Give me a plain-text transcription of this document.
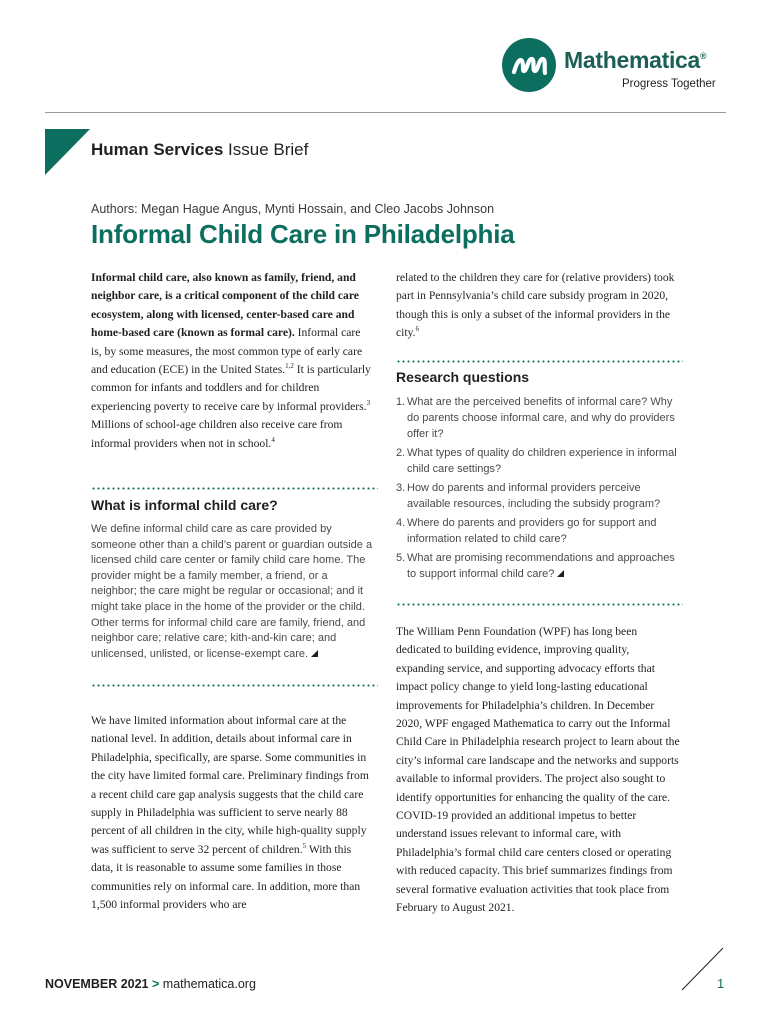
Mathematica®
Progress Together
Human Services Issue Brief
Authors: Megan Hague Angus, Mynti Hossain, and Cleo Jacobs Johnson
Informal Child Care in Philadelphia
Informal child care, also known as family, friend, and neighbor care, is a critical component of the child care ecosystem, along with licensed, center-based care and home-based care (known as formal care). Informal care is, by some measures, the most common type of early care and education (ECE) in the United States.$^{1,2}$ It is particularly common for infants and toddlers and for children experiencing poverty to receive care by informal providers.$^3$ Millions of school-age children also receive care from informal providers when not in school.$^4$
What is informal child care?
We define informal child care as care provided by someone other than a child’s parent or guardian outside a licensed child care center or family child care home. The provider might be a family member, a friend, or a neighbor; the care might be regular or occasional; and it might take place in the home of the provider or the child. Other terms for informal child care are family, friend, and neighbor care; relative care; kith-and-kin care; and unlicensed, unlisted, or license-exempt care.
We have limited information about informal care at the national level. In addition, details about informal care in Philadelphia, specifically, are sparse. Some communities in the city have limited formal care. Preliminary findings from a recent child care gap analysis suggests that the child care supply in Philadelphia was sufficient to serve nearly 88 percent of all children in the city, while high-quality supply was sufficient to serve 32 percent of children.$^5$ With this data, it is reasonable to assume some families in those communities rely on informal care. In addition, more than 1,500 informal providers who are
related to the children they care for (relative providers) took part in Pennsylvania’s child care subsidy program in 2020, though this is only a subset of the informal providers in the city.$^6$
Research questions
1. What are the perceived benefits of informal care? Why do parents choose informal care, and why do providers offer it?
2. What types of quality do children experience in informal child care settings?
3. How do parents and informal providers perceive available resources, including the subsidy program?
4. Where do parents and providers go for support and information related to child care?
5. What are promising recommendations and approaches to support informal child care?
The William Penn Foundation (WPF) has long been dedicated to building evidence, improving quality, expanding service, and supporting advocacy efforts that impact policy change to yield long-lasting educational improvements for Philadelphia’s children. In December 2020, WPF engaged Mathematica to carry out the Informal Child Care in Philadelphia research project to learn about the city’s informal care landscape and the networks and supports available to informal providers. The project also sought to identify opportunities for enhancing the quality of the care. COVID-19 provided an additional impetus to better understand issues relevant to informal care, with Philadelphia’s formal child care centers closed or operating with reduced capacity. This brief summarizes findings from several formative evaluation activities that took place from February to August 2021.
NOVEMBER 2021 > mathematica.org	1
